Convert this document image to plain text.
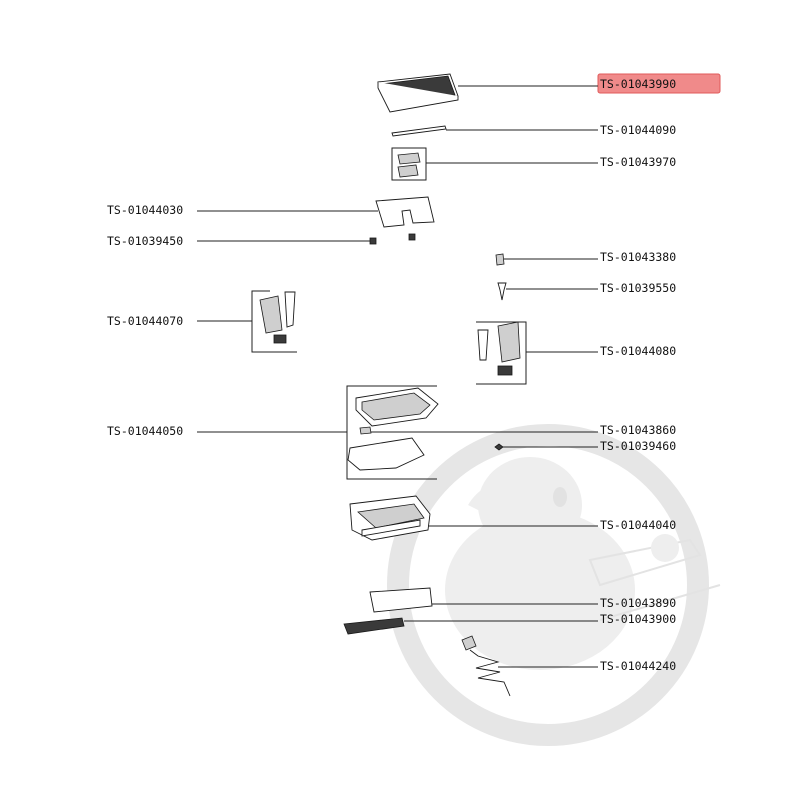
TS-01043990
TS-01044090
TS-01043970
TS-01044030
TS-01039450
TS-01043380
TS-01039550
TS-01044070
TS-01044080
TS-01044050	TS-01043860
TS-01039460
TS-01044040
TS-01043890
TS-01043900
TS-01044240
